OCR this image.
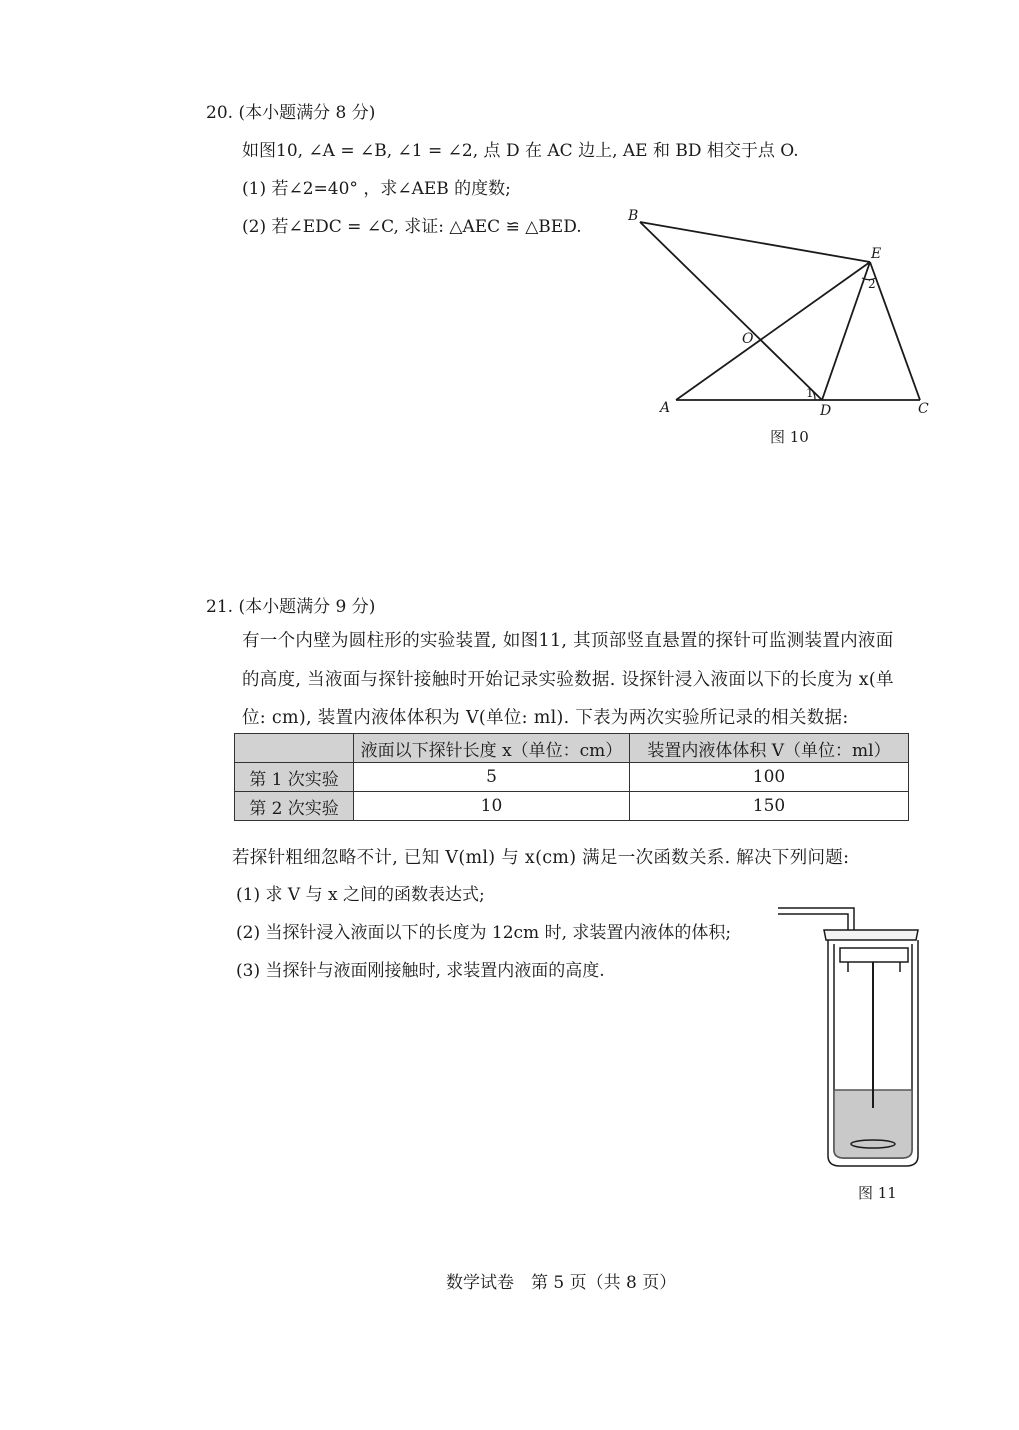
20. (本小题满分 8 分)
如图10, ∠A = ∠B, ∠1 = ∠2, 点 D 在 AC 边上, AE 和 BD 相交于点 O.
(1) 若∠2=40° ，求∠AEB 的度数;
(2) 若∠EDC = ∠C, 求证: △AEC ≌ △BED.
B
E
O
A	D	C
1
2
图 10
21. (本小题满分 9 分)
有一个内壁为圆柱形的实验装置, 如图11, 其顶部竖直悬置的探针可监测装置内液面
的高度, 当液面与探针接触时开始记录实验数据. 设探针浸入液面以下的长度为 x(单
位: cm), 装置内液体体积为 V(单位: ml). 下表为两次实验所记录的相关数据:
	液面以下探针长度 x（单位：cm）	装置内液体体积 V（单位：ml）
第 1 次实验	5	100
第 2 次实验	10	150
若探针粗细忽略不计, 已知 V(ml) 与 x(cm) 满足一次函数关系. 解决下列问题:
(1) 求 V 与 x 之间的函数表达式;
(2) 当探针浸入液面以下的长度为 12cm 时, 求装置内液体的体积;
(3) 当探针与液面刚接触时, 求装置内液面的高度.
图 11
数学试卷　第 5 页（共 8 页）
